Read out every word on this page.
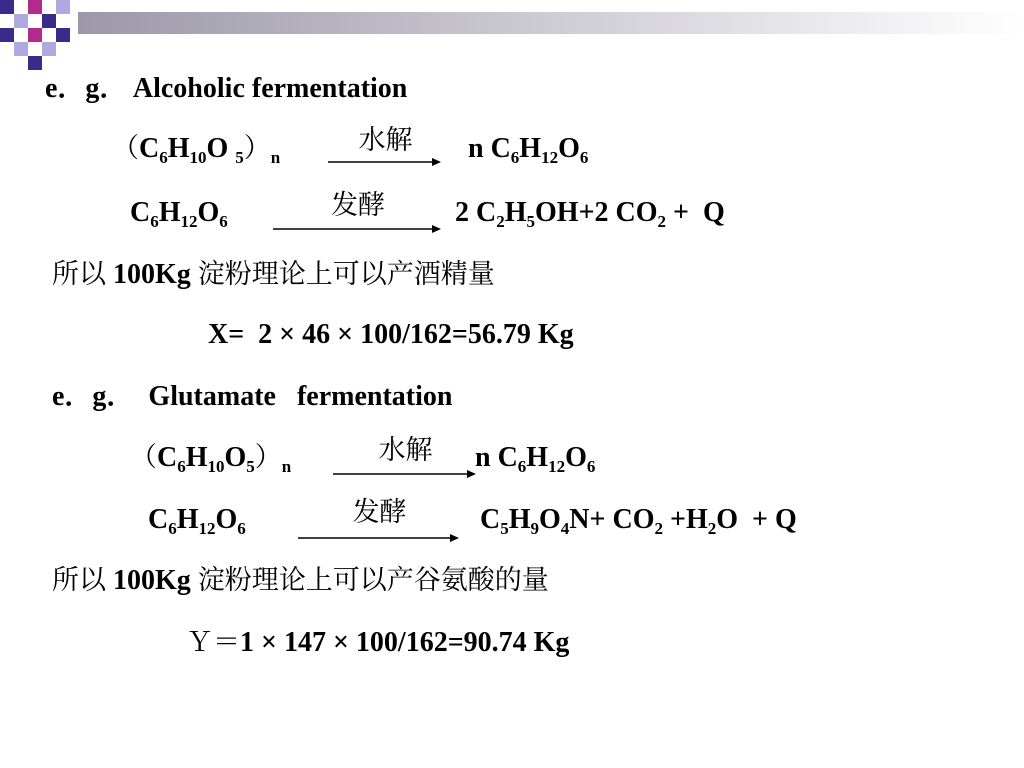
e．g． Alcoholic fermentation
（$C_6H_{10}O$ $_5)_n$
水解	n $C_6H_{12}O_6$
$C_6H_{12}O_6$
发酵	2 $C_2H_5OH+2$ $CO_2 + Q$
所以 100Kg 淀粉理论上可以产酒精量
X=  2 × 46 × 100/162=56.79 Kg
e．g．  Glutamate   fermentation
$(C_6H_{10}O_5)_n$
水解	n $C_6H_{12}O_6$
$C_6H_{12}O_6$
发酵	$C_5H_9O_4N+ CO_2 +H_2O + Q$
所以 100Kg 淀粉理论上可以产谷氨酸的量
Ｙ＝1 × 147 × 100/162=90.74 Kg
